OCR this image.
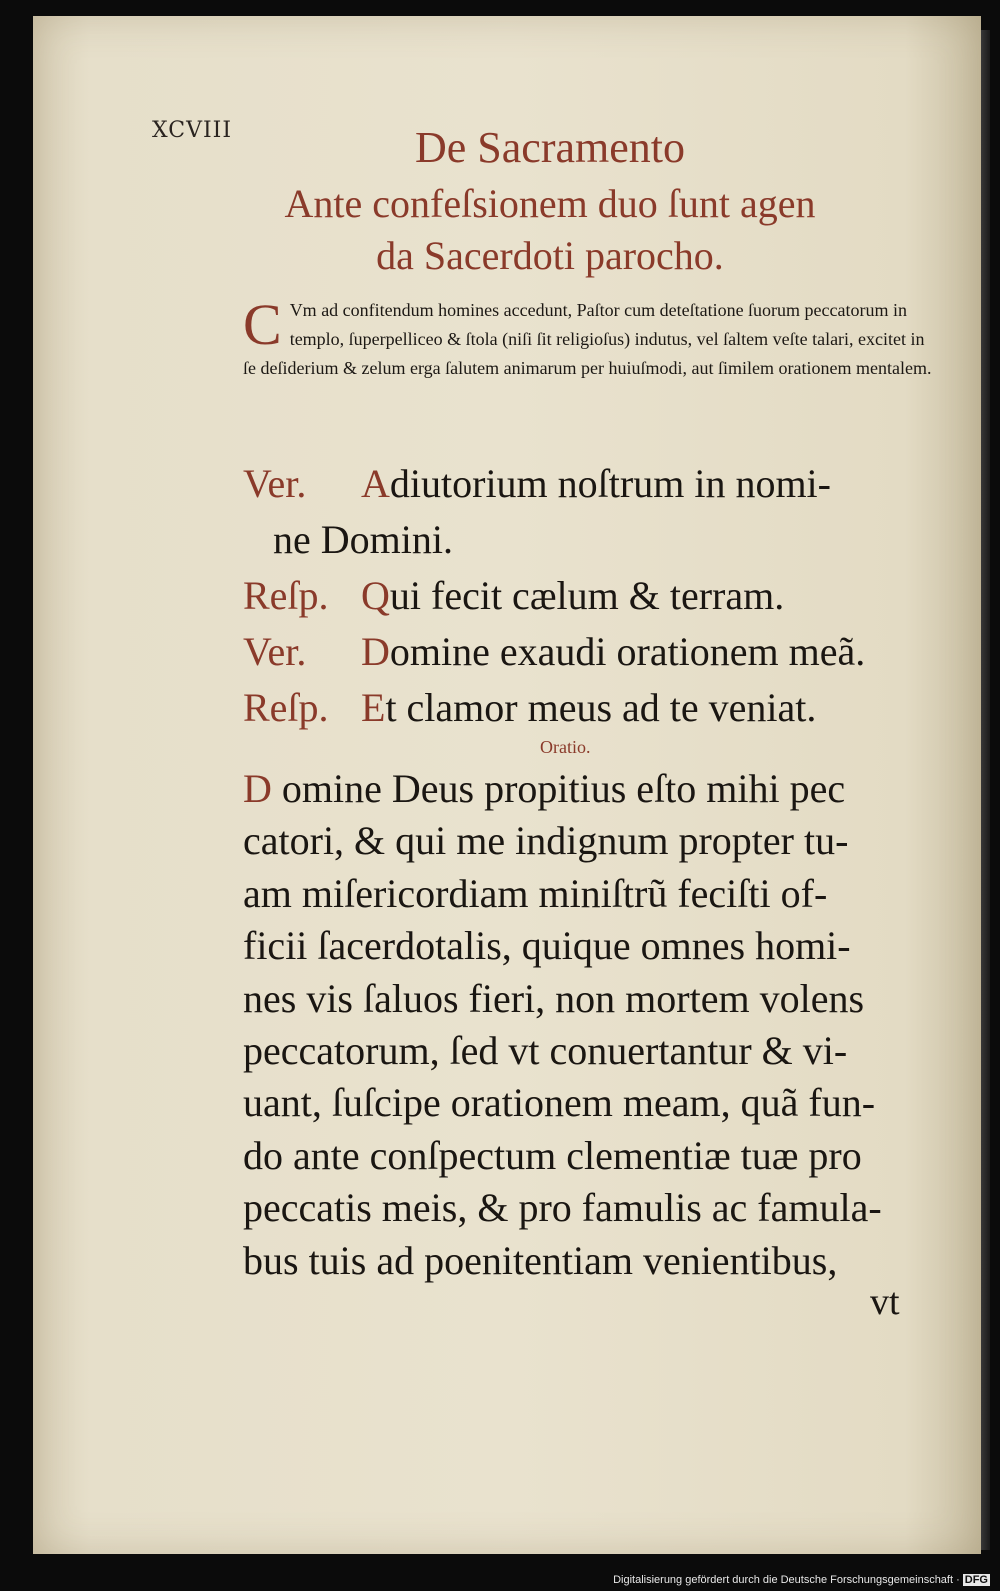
XCVIII	De Sacramento
Ante confeſsionem duo ſunt agen
da Sacerdoti parocho.
C Vm ad confitendum homines accedunt, Paſtor cum deteſtatione ſuorum peccatorum in templo, ſuperpelliceo & ſtola (niſi ſit religioſus) indutus, vel ſaltem veſte talari, excitet in ſe deſiderium & zelum erga ſalutem animarum per huiuſmodi, aut ſimilem orationem mentalem.
Ver. Adiutorium noſtrum in nomi-
ne Domini.
Reſp. Qui fecit cælum & terram.
Ver. Domine exaudi orationem meã.
Reſp. Et clamor meus ad te veniat.
Oratio.
D omine Deus propitius eſto mihi pec
catori, & qui me indignum propter tu-
am miſericordiam miniſtrũ feciſti of-
ficii ſacerdotalis, quique omnes homi-
nes vis ſaluos fieri, non mortem volens
peccatorum, ſed vt conuertantur & vi-
uant, ſuſcipe orationem meam, quã fun-
do ante conſpectum clementiæ tuæ pro
peccatis meis, & pro famulis ac famula-
bus tuis ad poenitentiam venientibus,
vt
Digitalisierung gefördert durch die Deutsche Forschungsgemeinschaft · DFG
